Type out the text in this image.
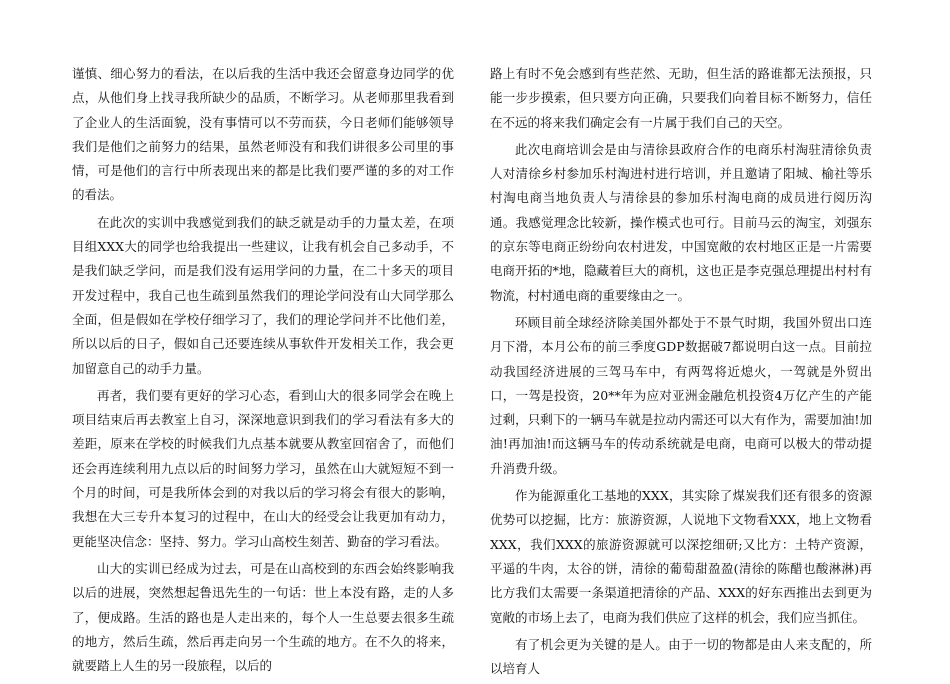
谨慎、细心努力的看法，在以后我的生活中我还会留意身边同学的优点，从他们身上找寻我所缺少的品质，不断学习。从老师那里我看到了企业人的生活面貌，没有事情可以不劳而获，今日老师们能够领导我们是他们之前努力的结果，虽然老师没有和我们讲很多公司里的事情，可是他们的言行中所表现出来的都是比我们要严谨的多的对工作的看法。

在此次的实训中我感觉到我们的缺乏就是动手的力量太差，在项目组XXX大的同学也给我提出一些建议，让我有机会自己多动手，不是我们缺乏学问，而是我们没有运用学问的力量，在二十多天的项目开发过程中，我自己也生疏到虽然我们的理论学问没有山大同学那么全面，但是假如在学校仔细学习了，我们的理论学问并不比他们差，所以以后的日子，假如自己还要连续从事软件开发相关工作，我会更加留意自己的动手力量。

再者，我们要有更好的学习心态，看到山大的很多同学会在晚上项目结束后再去教室上自习，深深地意识到我们的学习看法有多大的差距，原来在学校的时候我们九点基本就要从教室回宿舍了，而他们还会再连续利用九点以后的时间努力学习，虽然在山大就短短不到一个月的时间，可是我所体会到的对我以后的学习将会有很大的影响，我想在大三专升本复习的过程中，在山大的经受会让我更加有动力，更能坚决信念：坚持、努力。学习山高校生刻苦、勤奋的学习看法。

山大的实训已经成为过去，可是在山高校到的东西会始终影响我以后的进展，突然想起鲁迅先生的一句话：世上本没有路，走的人多了，便成路。生活的路也是人走出来的，每个人一生总要去很多生疏的地方，然后生疏，然后再走向另一个生疏的地方。在不久的将来，就要踏上人生的另一段旅程，以后的

路上有时不免会感到有些茫然、无助，但生活的路谁都无法预报，只能一步步摸索，但只要方向正确，只要我们向着目标不断努力，信任在不远的将来我们确定会有一片属于我们自己的天空。

此次电商培训会是由与清徐县政府合作的电商乐村淘驻清徐负责人对清徐乡村参加乐村淘进村进行培训，并且邀请了阳城、榆社等乐村淘电商当地负责人与清徐县的参加乐村淘电商的成员进行阅历沟通。我感觉理念比较新，操作模式也可行。目前马云的淘宝，刘强东的京东等电商正纷纷向农村进发，中国宽敞的农村地区正是一片需要电商开拓的*地，隐藏着巨大的商机，这也正是李克强总理提出村村有物流，村村通电商的重要缘由之一。

环顾目前全球经济除美国外都处于不景气时期，我国外贸出口连月下滑，本月公布的前三季度GDP数据破7都说明白这一点。目前拉动我国经济进展的三驾马车中，有两驾将近熄火，一驾就是外贸出口，一驾是投资，20**年为应对亚洲金融危机投资4万亿产生的产能过剩，只剩下的一辆马车就是拉动内需还可以大有作为，需要加油!加油!再加油!而这辆马车的传动系统就是电商，电商可以极大的带动提升消费升级。

作为能源重化工基地的XXX，其实除了煤炭我们还有很多的资源优势可以挖掘，比方：旅游资源，人说地下文物看XXX，地上文物看XXX，我们XXX的旅游资源就可以深挖细研;又比方：土特产资源，平遥的牛肉，太谷的饼，清徐的葡萄甜盈盈(清徐的陈醋也酸淋淋)再比方我们太需要一条渠道把清徐的产品、XXX的好东西推出去到更为宽敞的市场上去了，电商为我们供应了这样的机会，我们应当抓住。

有了机会更为关键的是人。由于一切的物都是由人来支配的，所以培育人
